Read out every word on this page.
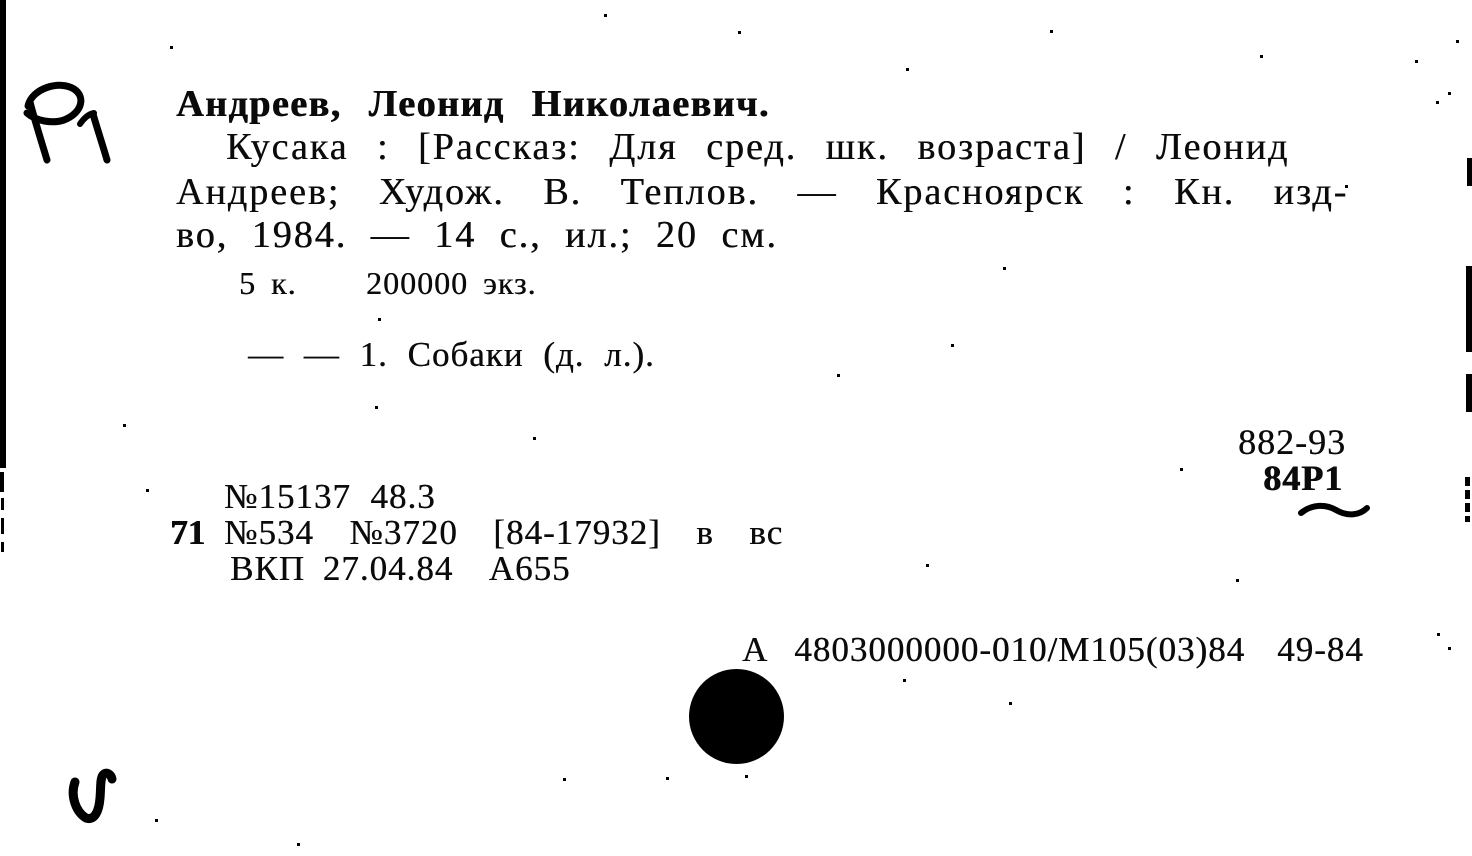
Андреев, Леонид Николаевич.
Кусака : [Рассказ: Для сред. шк. возраста] / Леонид
Андреев; Худож. В. Теплов. — Красноярск : Кн. изд-
во, 1984. — 14 с., ил.; 20 см.
5 к. 200000 экз.
— — 1. Собаки (д. л.).
882-93
84Р1
№15137  48.3
71 №534  №3720  [84-17932]  в  вс
ВКП 27.04.84  А655

А 4803000000-010/М105(03)84 49-84
